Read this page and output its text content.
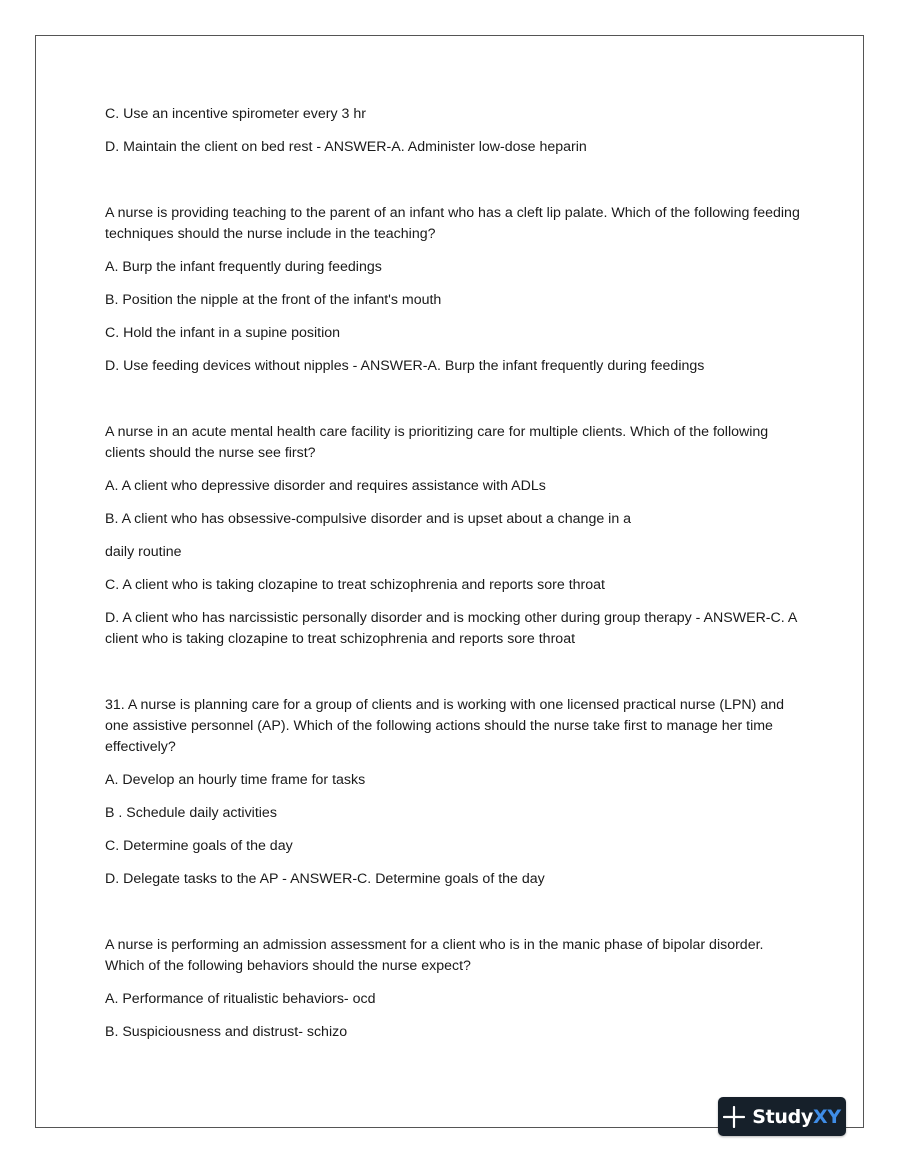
C. Use an incentive spirometer every 3 hr

D. Maintain the client on bed rest - ANSWER-A. Administer low-dose heparin

A nurse is providing teaching to the parent of an infant who has a cleft lip palate. Which of the following feeding techniques should the nurse include in the teaching?

A. Burp the infant frequently during feedings

B. Position the nipple at the front of the infant's mouth

C. Hold the infant in a supine position

D. Use feeding devices without nipples - ANSWER-A. Burp the infant frequently during feedings

A nurse in an acute mental health care facility is prioritizing care for multiple clients. Which of the following clients should the nurse see first?

A. A client who depressive disorder and requires assistance with ADLs

B. A client who has obsessive-compulsive disorder and is upset about a change in a

daily routine

C. A client who is taking clozapine to treat schizophrenia and reports sore throat

D. A client who has narcissistic personally disorder and is mocking other during group therapy - ANSWER-C. A client who is taking clozapine to treat schizophrenia and reports sore throat

31. A nurse is planning care for a group of clients and is working with one licensed practical nurse (LPN) and one assistive personnel (AP). Which of the following actions should the nurse take first to manage her time effectively?

A. Develop an hourly time frame for tasks

B . Schedule daily activities

C. Determine goals of the day

D. Delegate tasks to the AP - ANSWER-C. Determine goals of the day

A nurse is performing an admission assessment for a client who is in the manic phase of bipolar disorder. Which of the following behaviors should the nurse expect?

A. Performance of ritualistic behaviors- ocd

B. Suspiciousness and distrust- schizo

StudyXY
